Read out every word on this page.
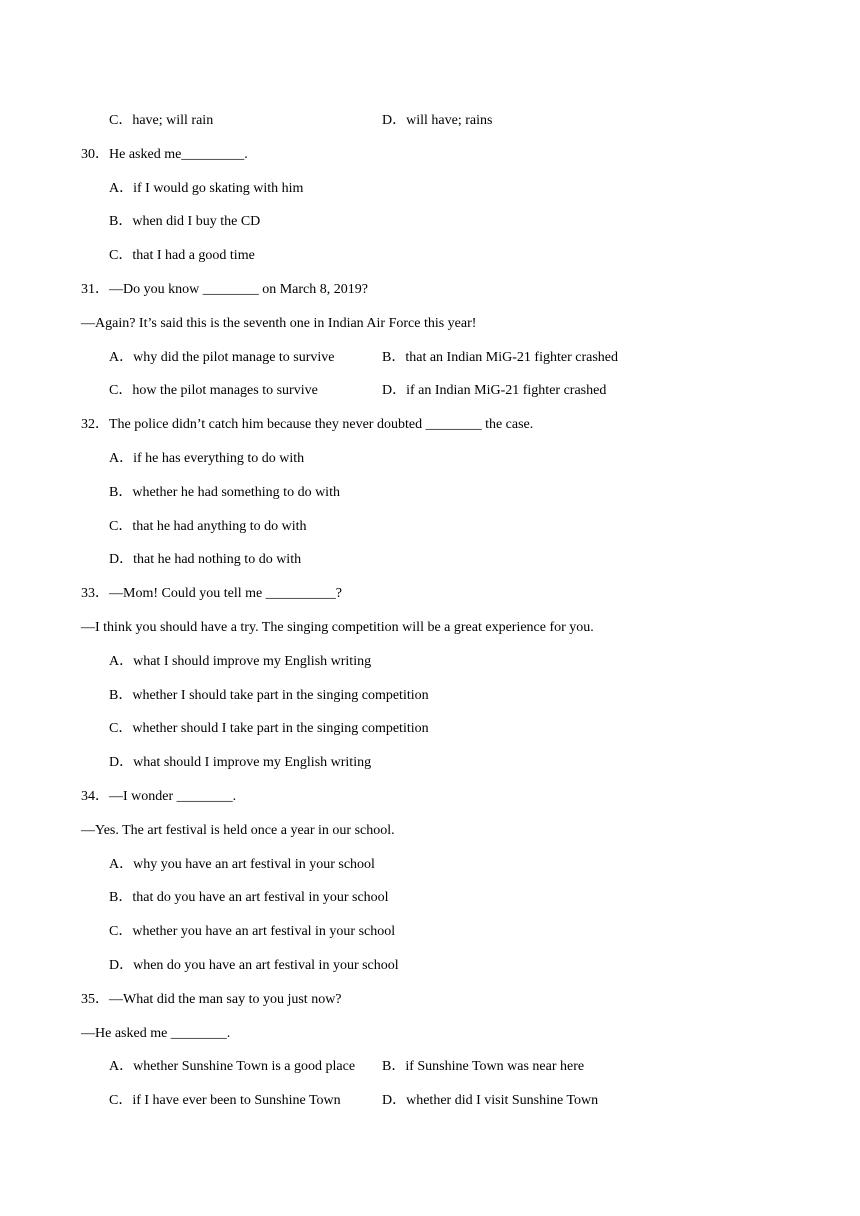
C．have; will rain	D．will have; rains
30．He asked me_________.
A．if I would go skating with him
B．when did I buy the CD
C．that I had a good time
31．—Do you know ________ on March 8, 2019?
—Again? It’s said this is the seventh one in Indian Air Force this year!
A．why did the pilot manage to survive	B．that an Indian MiG-21 fighter crashed
C．how the pilot manages to survive	D．if an Indian MiG-21 fighter crashed
32．The police didn’t catch him because they never doubted ________ the case.
A．if he has everything to do with
B．whether he had something to do with
C．that he had anything to do with
D．that he had nothing to do with
33．—Mom! Could you tell me __________?
—I think you should have a try. The singing competition will be a great experience for you.
A．what I should improve my English writing
B．whether I should take part in the singing competition
C．whether should I take part in the singing competition
D．what should I improve my English writing
34．—I wonder ________.
—Yes. The art festival is held once a year in our school.
A．why you have an art festival in your school
B．that do you have an art festival in your school
C．whether you have an art festival in your school
D．when do you have an art festival in your school
35．—What did the man say to you just now?
—He asked me ________.
A．whether Sunshine Town is a good place B．if Sunshine Town was near here
C．if I have ever been to Sunshine Town	D．whether did I visit Sunshine Town
